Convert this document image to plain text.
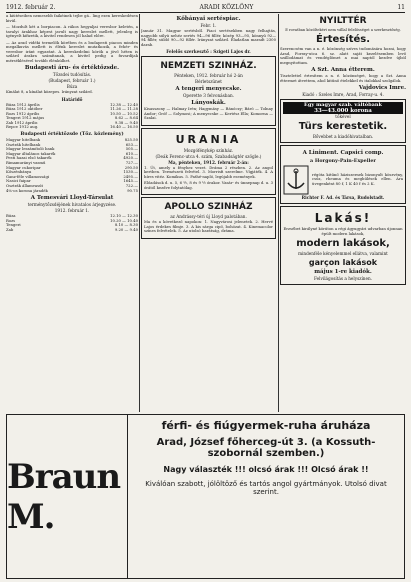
1912. február 2.	ARADI KÖZLÖNY	11

a kiütéseiben nemesebb faikéinek tejbe gá.. ling ezen kereskedésen kivül.

— Mozdult két a borpiacon. A rákos hegyaljai veresbor keletén, a tavalyi árakhoz képest javult nagy kereslet mellett, jelenleg is igényelt kifizetik, a kivitel rendesen jól halad előre.

— Az arad vidéki termelők körében és a budapesti piacon minden megalkuvás mellett is élénk kereslet mutatkozik, a fehér- és veresbor iránt egyaránt. A kereskedelmi körök a jövő héten is szilárd árakra számítanak, a kivitel pedig a fuvardíjak mérséklésével tovább élénkülhet.

Budapesti áru- és értéktőzsde.
Tőzsdei tudósítás.
(Budapest, február 1.)
Búza

Kinálat 8, a kínálat közepes. Irányzat szilárd.

Határidő
Búza 1912 április	12.38 — 12.40
Búza 1912 október	11.26 — 11.28
Rozs 1912 április	10.50 — 10.52
Tengeri 1912 május	8.62 — 8.64
Zab 1912 április	9.38 — 9.40
Repce 1912 aug.	16.40 — 16.50
Budapesti értéktőzsde (Tőz. közlemény)
Magyar hitelbank	825.50
Osztrák hitelbank	653.—
Magyar leszámítoló bank	505.—
Magyar általános takarék	610.—
Pesti hazai első takarék	4920.—
Rimamurányi vasmű	727.—
Magyar cukoripar	290.50
Kőszénbánya	1530.—
Ganz-féle villamossági	2495.—
Nasici faipar	1645.—
Osztrák államvasút	722.—
4%-os korona járadék	90.75
A Temesvári Lloyd-Társulat
terménytőzsdéjének hivatalos árjegyzése.
1912. február 1.
Búza	12.10 — 12.30
Rozs	10.20 — 10.40
Tengeri	8.10 — 8.30
Zab	9.20 — 9.40
Kőbányai sertéspiac.
Febr. 1.

Január 31. Magyar sertésből. Piaci sertésekben nagy felhajtás, nagyobb súlyú nehéz sertés 94—96 fillér, közép 93—95, könnyű 92—94 fillér, süldő 90—92 fillér. Irányzat szilárd. Eladatlan maradt 2300 darab.

Felelős szerkesztő : Szigeti Lajos dr.
NEMZETI SZINHÁZ.
Pénteken, 1912. február hó 2-án
Bérletszünet
A tengeri menyecske.
Operette 3 felvonásban.
Lányoskák.

Kisasszony — Halmay Irén; Hagymásy — Bánóczy; Báró — Tolnay Andor; Gróf — Solymosi; A menyecske — Kertész Ella; Komorna — Szalai.

URANIA
Mozgófénykép színház.
(Deák Ferenc-utca 4. szám, Szabadságtér szögle.)
Ma, pénteken, 1912. február 2-án:

1. Út, amely a fényhez vezet. Dráma 2 részben. 2. Az angol kertben. Természeti felvétel. 3. Morrisfi szerelme. Vígjáték. 4. A híres vitéz. Komikus. 5. Pathé-napló, legújabb események.

Előadások d. u. 5, 6 ½, 8 és 9 ½ órakor. Vasár- és ünnepnap d. u. 3 órától kezdve folytatólag.

APOLLO SZINHÁZ
az Andrássy-téri új Lloyd palotában.

Ma és a következő napokon: 1. Nagyvárosi jelenetek. 2. Hervé Lajos érdekes filmje. 3. A kis sárga cipő, bohózat. 4. Kinemacolor színes felvételek. 5. Az utolsó barátság, dráma.

NYILTTÉR
E rovatban közöltekért nem vállal felelősséget a szerkesztőség.
Értesítés.

Szerencsém van a n. é. közönség szíves tudomására hozni, hogy Arad, Forray-utca 6. sz. alatt saját kezelésemben levő szállodámat és vendéglőmet a mai naptól kezdve újból megnyitottam.

A Szt. Anna étterem.

Tisztelettel értesítem a n. é. közönséget, hogy a Szt. Anna éttermet átvettem, ahol kitűnő ételekkel és italokkal szolgálok.

Vajdovics Imre.
Kiadó : Szeles Imre, Arad, Forray-u. 4.
Egy magyar szab. váltóbank
33—43.000 korona
tőkével
Türs kerestetik.
Bővebbet a kiadóhivatalban.
A Liniment. Capsici comp.
a Horgony-Pain-Expeller

régóta kitűnő háziszernek bizonyult köszvény, csúz, rheuma és meghűlések ellen. Ára üvegenként 80 f, 1 K 40 f és 2 K.

Richter F. Ad. és Társa, Rudolstadt.
Lakás!

Erzsébet királyné körúton a régi ágyugyári udvarban újonnan épült modern lakások,

modern lakások,
mindenféle kényelemmel ellátva, valamint
garçon lakások
május 1-re kiadók.
Felvilágosítás a helyszínen.
Braun M.
férfi- és fiúgyermek-ruha áruháza
Arad, József főherceg-út 3. (a Kossuth-szobornál szemben.)
Nagy választék !!! olcsó árak !!! Olcsó árak !!
Kiválóan szabott, jólöltöző és tartós angol gyártmányok. Utolsó divat szerint.
